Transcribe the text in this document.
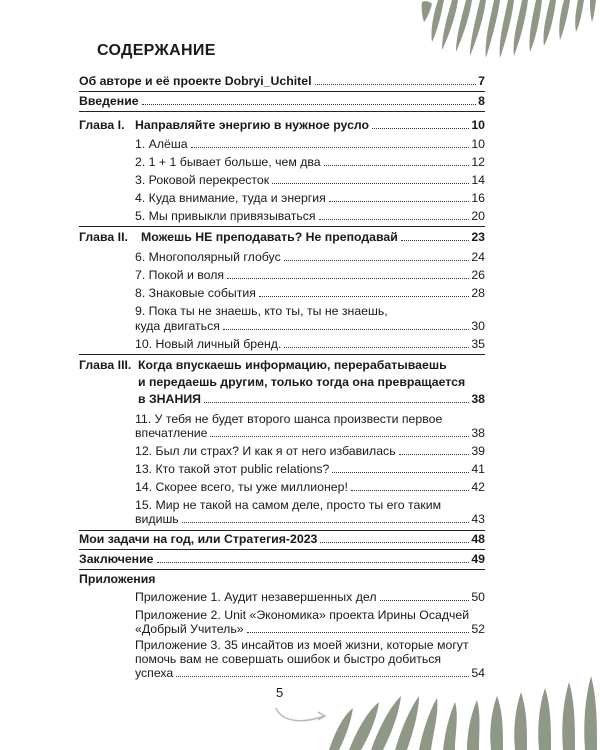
СОДЕРЖАНИЕ
Об авторе и её проекте Dobryi_Uchitel	7
Введение	8
Глава I. Направляйте энергию в нужное русло	10
1. Алёша	10
2. 1 + 1 бывает больше, чем два	12
3. Роковой перекресток	14
4. Куда внимание, туда и энергия	16
5. Мы привыкли привязываться	20
Глава II.	Можешь НЕ преподавать? Не преподавай	23
6. Многополярный глобус	24
7. Покой и воля	26
8. Знаковые события	28
9. Пока ты не знаешь, кто ты, ты не знаешь,
куда двигаться	30
10. Новый личный бренд.	35
Глава III. Когда впускаешь информацию, перерабатываешь
и передаешь другим, только тогда она превращается
в ЗНАНИЯ	38
11. У тебя не будет второго шанса произвести первое
впечатление	38
12. Был ли страх? И как я от него избавилась	39
13. Кто такой этот public relations?	41
14. Скорее всего, ты уже миллионер!	42
15. Мир не такой на самом деле, просто ты его таким
видишь	43
Мои задачи на год, или Стратегия-2023	48
Заключение	49
Приложения
Приложение 1. Аудит незавершенных дел	50
Приложение 2. Unit «Экономика» проекта Ирины Осадчей
«Добрый Учитель»	52
Приложение 3. 35 инсайтов из моей жизни, которые могут
помочь вам не совершать ошибок и быстро добиться
успеха	54
5
